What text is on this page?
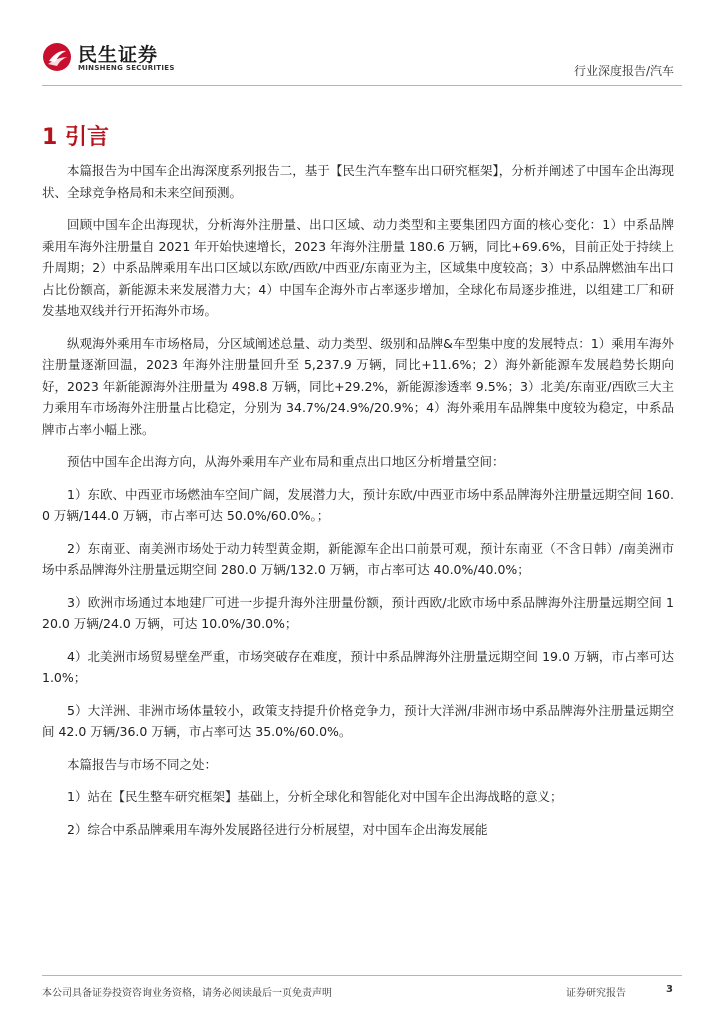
民生证券
MINSHENG SECURITIES	行业深度报告/汽车
1 引言

本篇报告为中国车企出海深度系列报告二，基于【民生汽车整车出口研究框架】，分析并阐述了中国车企出海现状、全球竞争格局和未来空间预测。

回顾中国车企出海现状，分析海外注册量、出口区域、动力类型和主要集团四方面的核心变化：1）中系品牌乘用车海外注册量自 2021 年开始快速增长，2023 年海外注册量 180.6 万辆，同比+69.6%，目前正处于持续上升周期；2）中系品牌乘用车出口区域以东欧/西欧/中西亚/东南亚为主，区域集中度较高；3）中系品牌燃油车出口占比份额高，新能源未来发展潜力大；4）中国车企海外市占率逐步增加，全球化布局逐步推进，以组建工厂和研发基地双线并行开拓海外市场。

纵观海外乘用车市场格局，分区域阐述总量、动力类型、级别和品牌&车型集中度的发展特点：1）乘用车海外注册量逐渐回温，2023 年海外注册量回升至 5,237.9 万辆，同比+11.6%；2）海外新能源车发展趋势长期向好，2023 年新能源海外注册量为 498.8 万辆，同比+29.2%，新能源渗透率 9.5%；3）北美/东南亚/西欧三大主力乘用车市场海外注册量占比稳定，分别为 34.7%/24.9%/20.9%；4）海外乘用车品牌集中度较为稳定，中系品牌市占率小幅上涨。

预估中国车企出海方向，从海外乘用车产业布局和重点出口地区分析增量空间：

1）东欧、中西亚市场燃油车空间广阔，发展潜力大，预计东欧/中西亚市场中系品牌海外注册量远期空间 160.0 万辆/144.0 万辆，市占率可达 50.0%/60.0%。；

2）东南亚、南美洲市场处于动力转型黄金期，新能源车企出口前景可观，预计东南亚（不含日韩）/南美洲市场中系品牌海外注册量远期空间 280.0 万辆/132.0 万辆，市占率可达 40.0%/40.0%；

3）欧洲市场通过本地建厂可进一步提升海外注册量份额，预计西欧/北欧市场中系品牌海外注册量远期空间 120.0 万辆/24.0 万辆，可达 10.0%/30.0%；

4）北美洲市场贸易壁垒严重，市场突破存在难度，预计中系品牌海外注册量远期空间 19.0 万辆，市占率可达 1.0%；

5）大洋洲、非洲市场体量较小，政策支持提升价格竞争力，预计大洋洲/非洲市场中系品牌海外注册量远期空间 42.0 万辆/36.0 万辆，市占率可达 35.0%/60.0%。

本篇报告与市场不同之处：

1）站在【民生整车研究框架】基础上，分析全球化和智能化对中国车企出海战略的意义；

2）综合中系品牌乘用车海外发展路径进行分析展望，对中国车企出海发展能

本公司具备证券投资咨询业务资格，请务必阅读最后一页免责声明	证券研究报告	3
